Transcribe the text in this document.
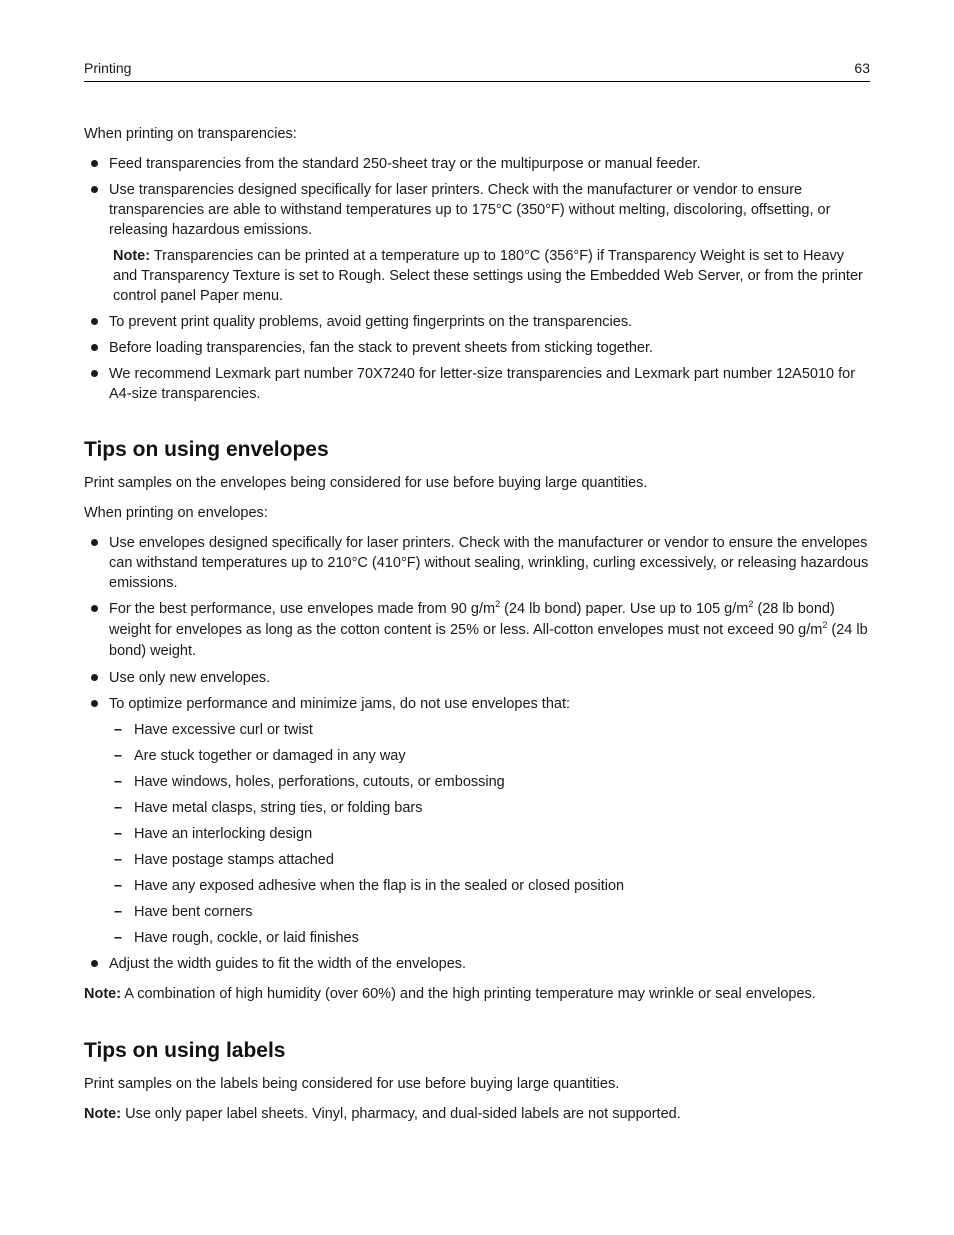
Printing	63

When printing on transparencies:

Feed transparencies from the standard 250-sheet tray or the multipurpose or manual feeder.
Use transparencies designed specifically for laser printers. Check with the manufacturer or vendor to ensure transparencies are able to withstand temperatures up to 175°C (350°F) without melting, discoloring, offsetting, or releasing hazardous emissions.
Note: Transparencies can be printed at a temperature up to 180°C (356°F) if Transparency Weight is set to Heavy and Transparency Texture is set to Rough. Select these settings using the Embedded Web Server, or from the printer control panel Paper menu.
To prevent print quality problems, avoid getting fingerprints on the transparencies.
Before loading transparencies, fan the stack to prevent sheets from sticking together.
We recommend Lexmark part number 70X7240 for letter-size transparencies and Lexmark part number 12A5010 for A4-size transparencies.
Tips on using envelopes

Print samples on the envelopes being considered for use before buying large quantities.

When printing on envelopes:

Use envelopes designed specifically for laser printers. Check with the manufacturer or vendor to ensure the envelopes can withstand temperatures up to 210°C (410°F) without sealing, wrinkling, curling excessively, or releasing hazardous emissions.
For the best performance, use envelopes made from 90 $g/m^2$ (24 lb bond) paper. Use up to 105 $g/m^2$ (28 lb bond) weight for envelopes as long as the cotton content is 25% or less. All-cotton envelopes must not exceed 90 $g/m^2$ (24 lb bond) weight.
Use only new envelopes.
To optimize performance and minimize jams, do not use envelopes that:
– Have excessive curl or twist
– Are stuck together or damaged in any way
– Have windows, holes, perforations, cutouts, or embossing
– Have metal clasps, string ties, or folding bars
– Have an interlocking design
– Have postage stamps attached
– Have any exposed adhesive when the flap is in the sealed or closed position
– Have bent corners
– Have rough, cockle, or laid finishes
Adjust the width guides to fit the width of the envelopes.

Note: A combination of high humidity (over 60%) and the high printing temperature may wrinkle or seal envelopes.

Tips on using labels

Print samples on the labels being considered for use before buying large quantities.

Note: Use only paper label sheets. Vinyl, pharmacy, and dual-sided labels are not supported.
